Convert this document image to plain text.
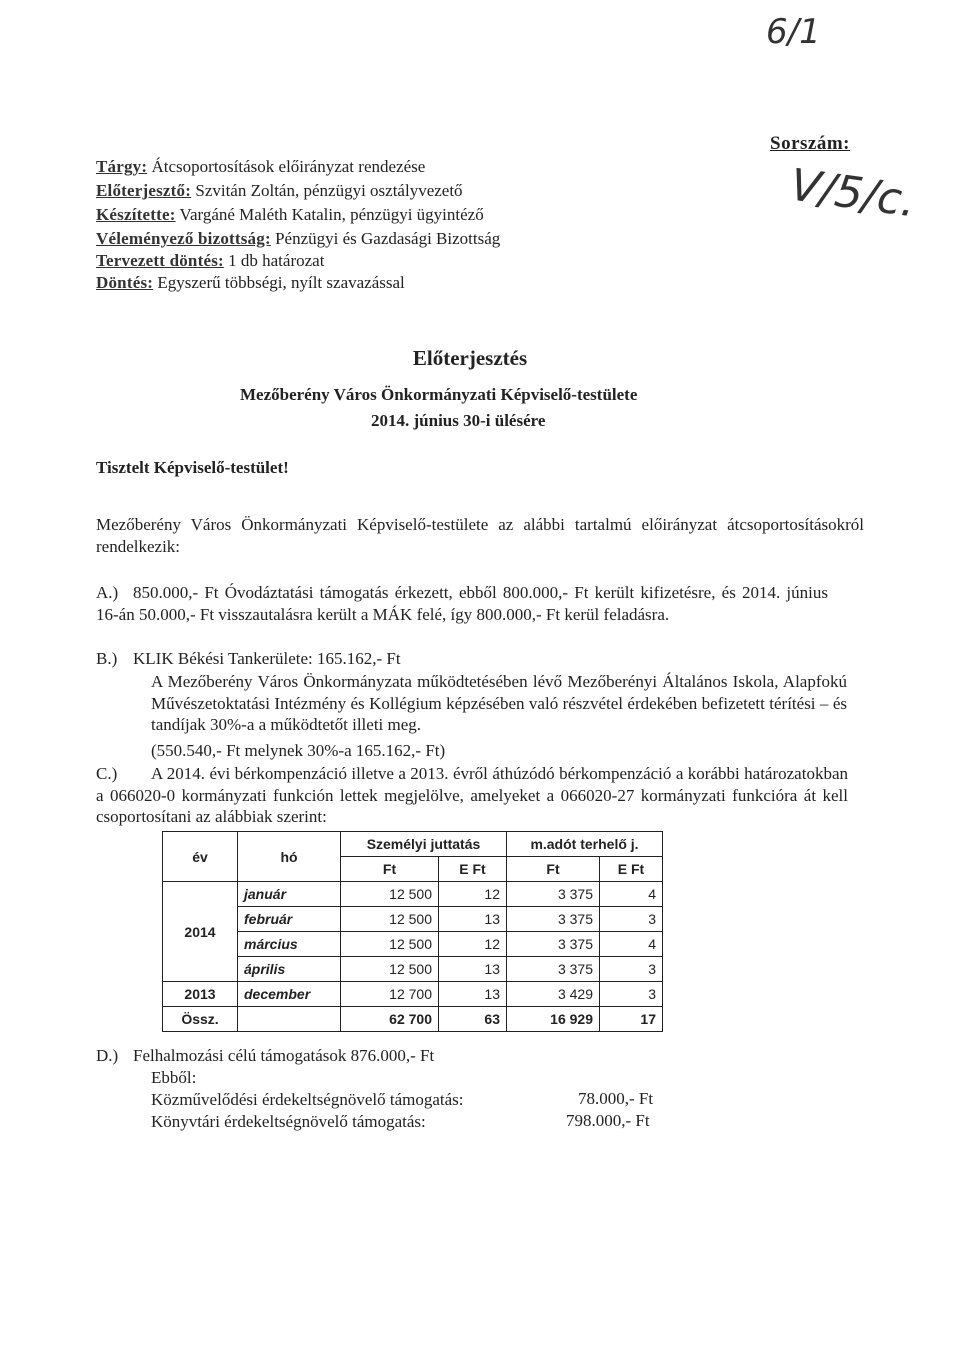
6/1
Tárgy: Átcsoportosítások előirányzat rendezése
Előterjesztő: Szvitán Zoltán, pénzügyi osztályvezető
Készítette: Vargáné Maléth Katalin, pénzügyi ügyintéző
Véleményező bizottság: Pénzügyi és Gazdasági Bizottság
Tervezett döntés: 1 db határozat
Döntés: Egyszerű többségi, nyílt szavazással
Sorszám:
V/5/c.
Előterjesztés
Mezőberény Város Önkormányzati Képviselő-testülete
2014. június 30-i ülésére
Tisztelt Képviselő-testület!
Mezőberény Város Önkormányzati Képviselő-testülete az alábbi tartalmú előirányzat átcsoportosításokról rendelkezik:
A.) 850.000,- Ft Óvodáztatási támogatás érkezett, ebből 800.000,- Ft került kifizetésre, és 2014. június 16-án 50.000,- Ft visszautalásra került a MÁK felé, így 800.000,- Ft kerül feladásra.
B.) KLIK Békési Tankerülete: 165.162,- Ft
A Mezőberény Város Önkormányzata működtetésében lévő Mezőberényi Általános Iskola, Alapfokú Művészetoktatási Intézmény és Kollégium képzésében való részvétel érdekében befizetett térítési – és tandíjak 30%-a a működtetőt illeti meg.
(550.540,- Ft melynek 30%-a 165.162,- Ft)
C.)	A 2014. évi bérkompenzáció illetve a 2013. évről áthúzódó bérkompenzáció a korábbi határozatokban a 066020-0 kormányzati funkción lettek megjelölve, amelyeket a 066020-27 kormányzati funkcióra át kell csoportosítani az alábbiak szerint:
év	hó	Személyi juttatás		m.adót terhelő j.	
		Ft	E Ft	Ft	E Ft
2014	január	12 500	12	3 375	4
	február	12 500	13	3 375	3
	március	12 500	12	3 375	4
	április	12 500	13	3 375	3
2013	december	12 700	13	3 429	3
Össz.		62 700	63	16 929	17
D.) Felhalmozási célú támogatások 876.000,- Ft
Ebből:
Közművelődési érdekeltségnövelő támogatás:	78.000,- Ft
Könyvtári érdekeltségnövelő támogatás:	798.000,- Ft
